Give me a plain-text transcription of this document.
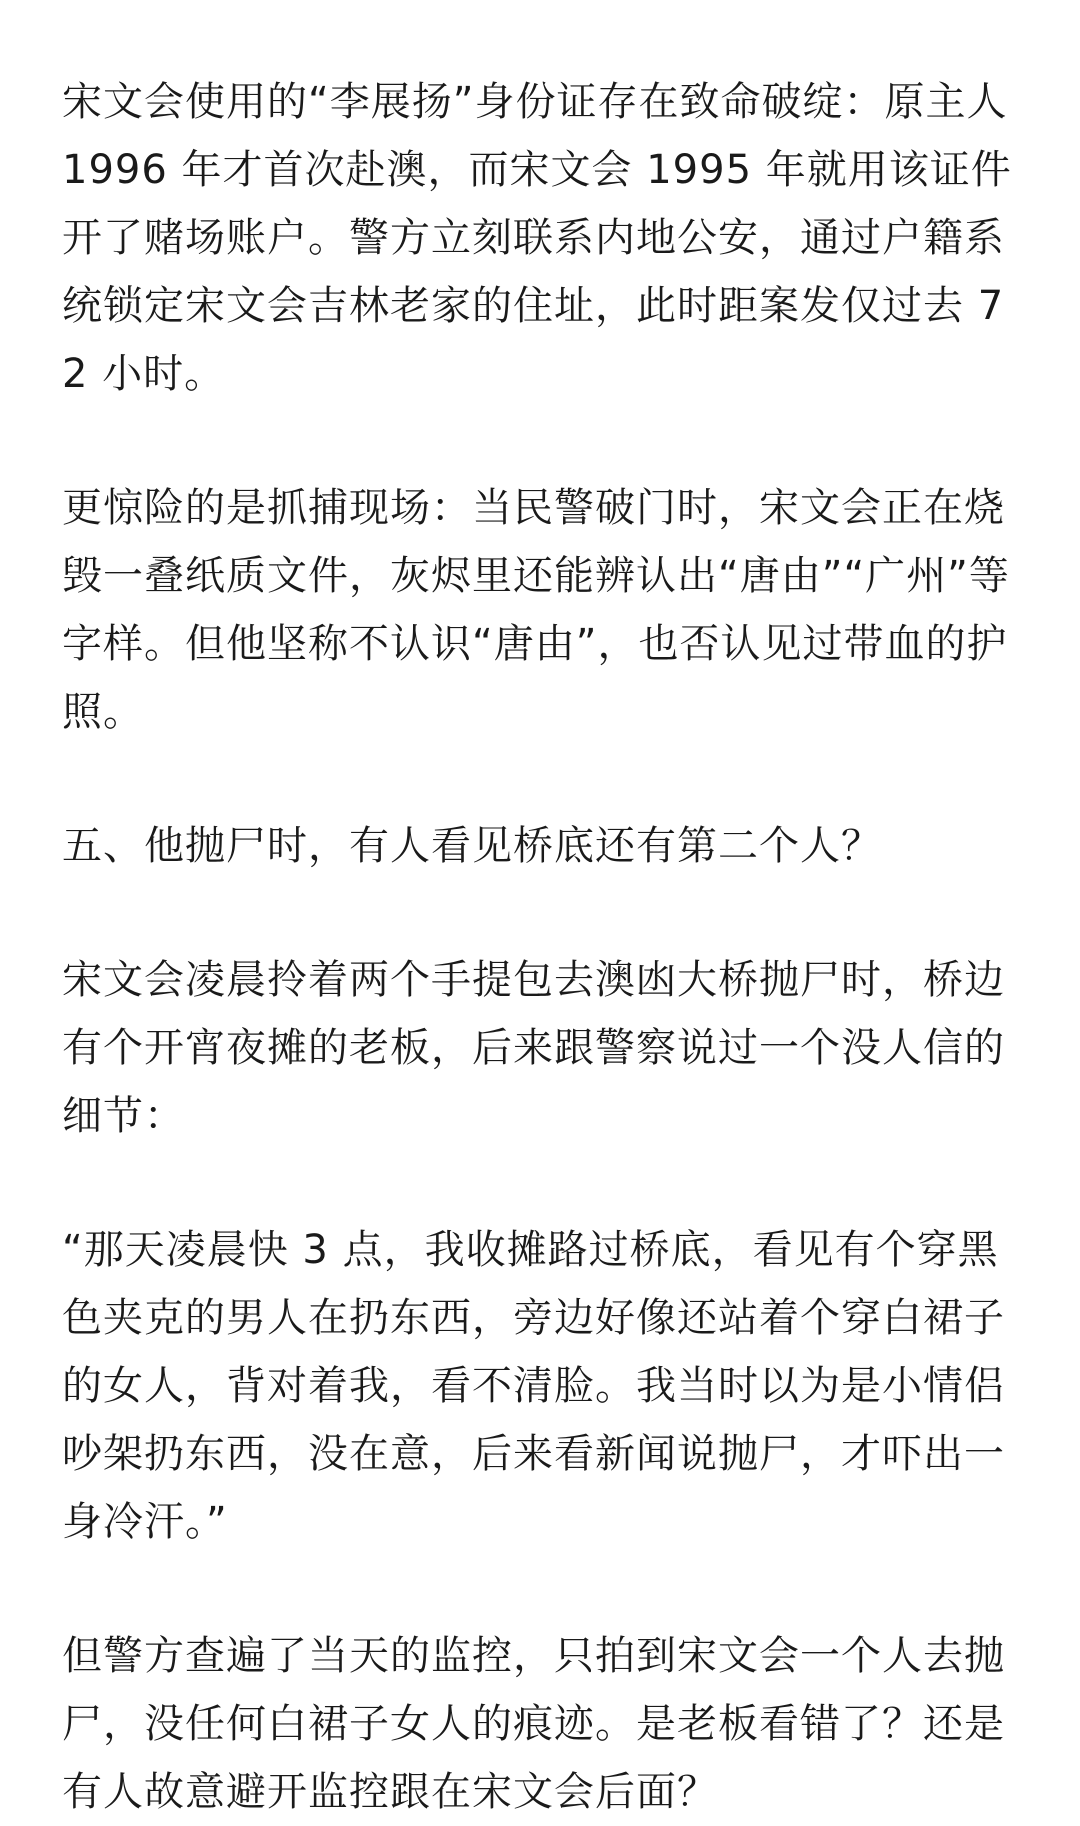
宋文会使用的“李展扬”身份证存在致命破绽：原主人 1996 年才首次赴澳，而宋文会 1995 年就用该证件开了赌场账户。警方立刻联系内地公安，通过户籍系统锁定宋文会吉林老家的住址，此时距案发仅过去 72 小时。

更惊险的是抓捕现场：当民警破门时，宋文会正在烧毁一叠纸质文件，灰烬里还能辨认出“唐由”“广州”等字样。但他坚称不认识“唐由”，也否认见过带血的护照。

五、他抛尸时，有人看见桥底还有第二个人？

宋文会凌晨拎着两个手提包去澳凼大桥抛尸时，桥边有个开宵夜摊的老板，后来跟警察说过一个没人信的细节：

“那天凌晨快 3 点，我收摊路过桥底，看见有个穿黑色夹克的男人在扔东西，旁边好像还站着个穿白裙子的女人，背对着我，看不清脸。我当时以为是小情侣吵架扔东西，没在意，后来看新闻说抛尸，才吓出一身冷汗。”

但警方查遍了当天的监控，只拍到宋文会一个人去抛尸，没任何白裙子女人的痕迹。是老板看错了？还是有人故意避开监控跟在宋文会后面？
